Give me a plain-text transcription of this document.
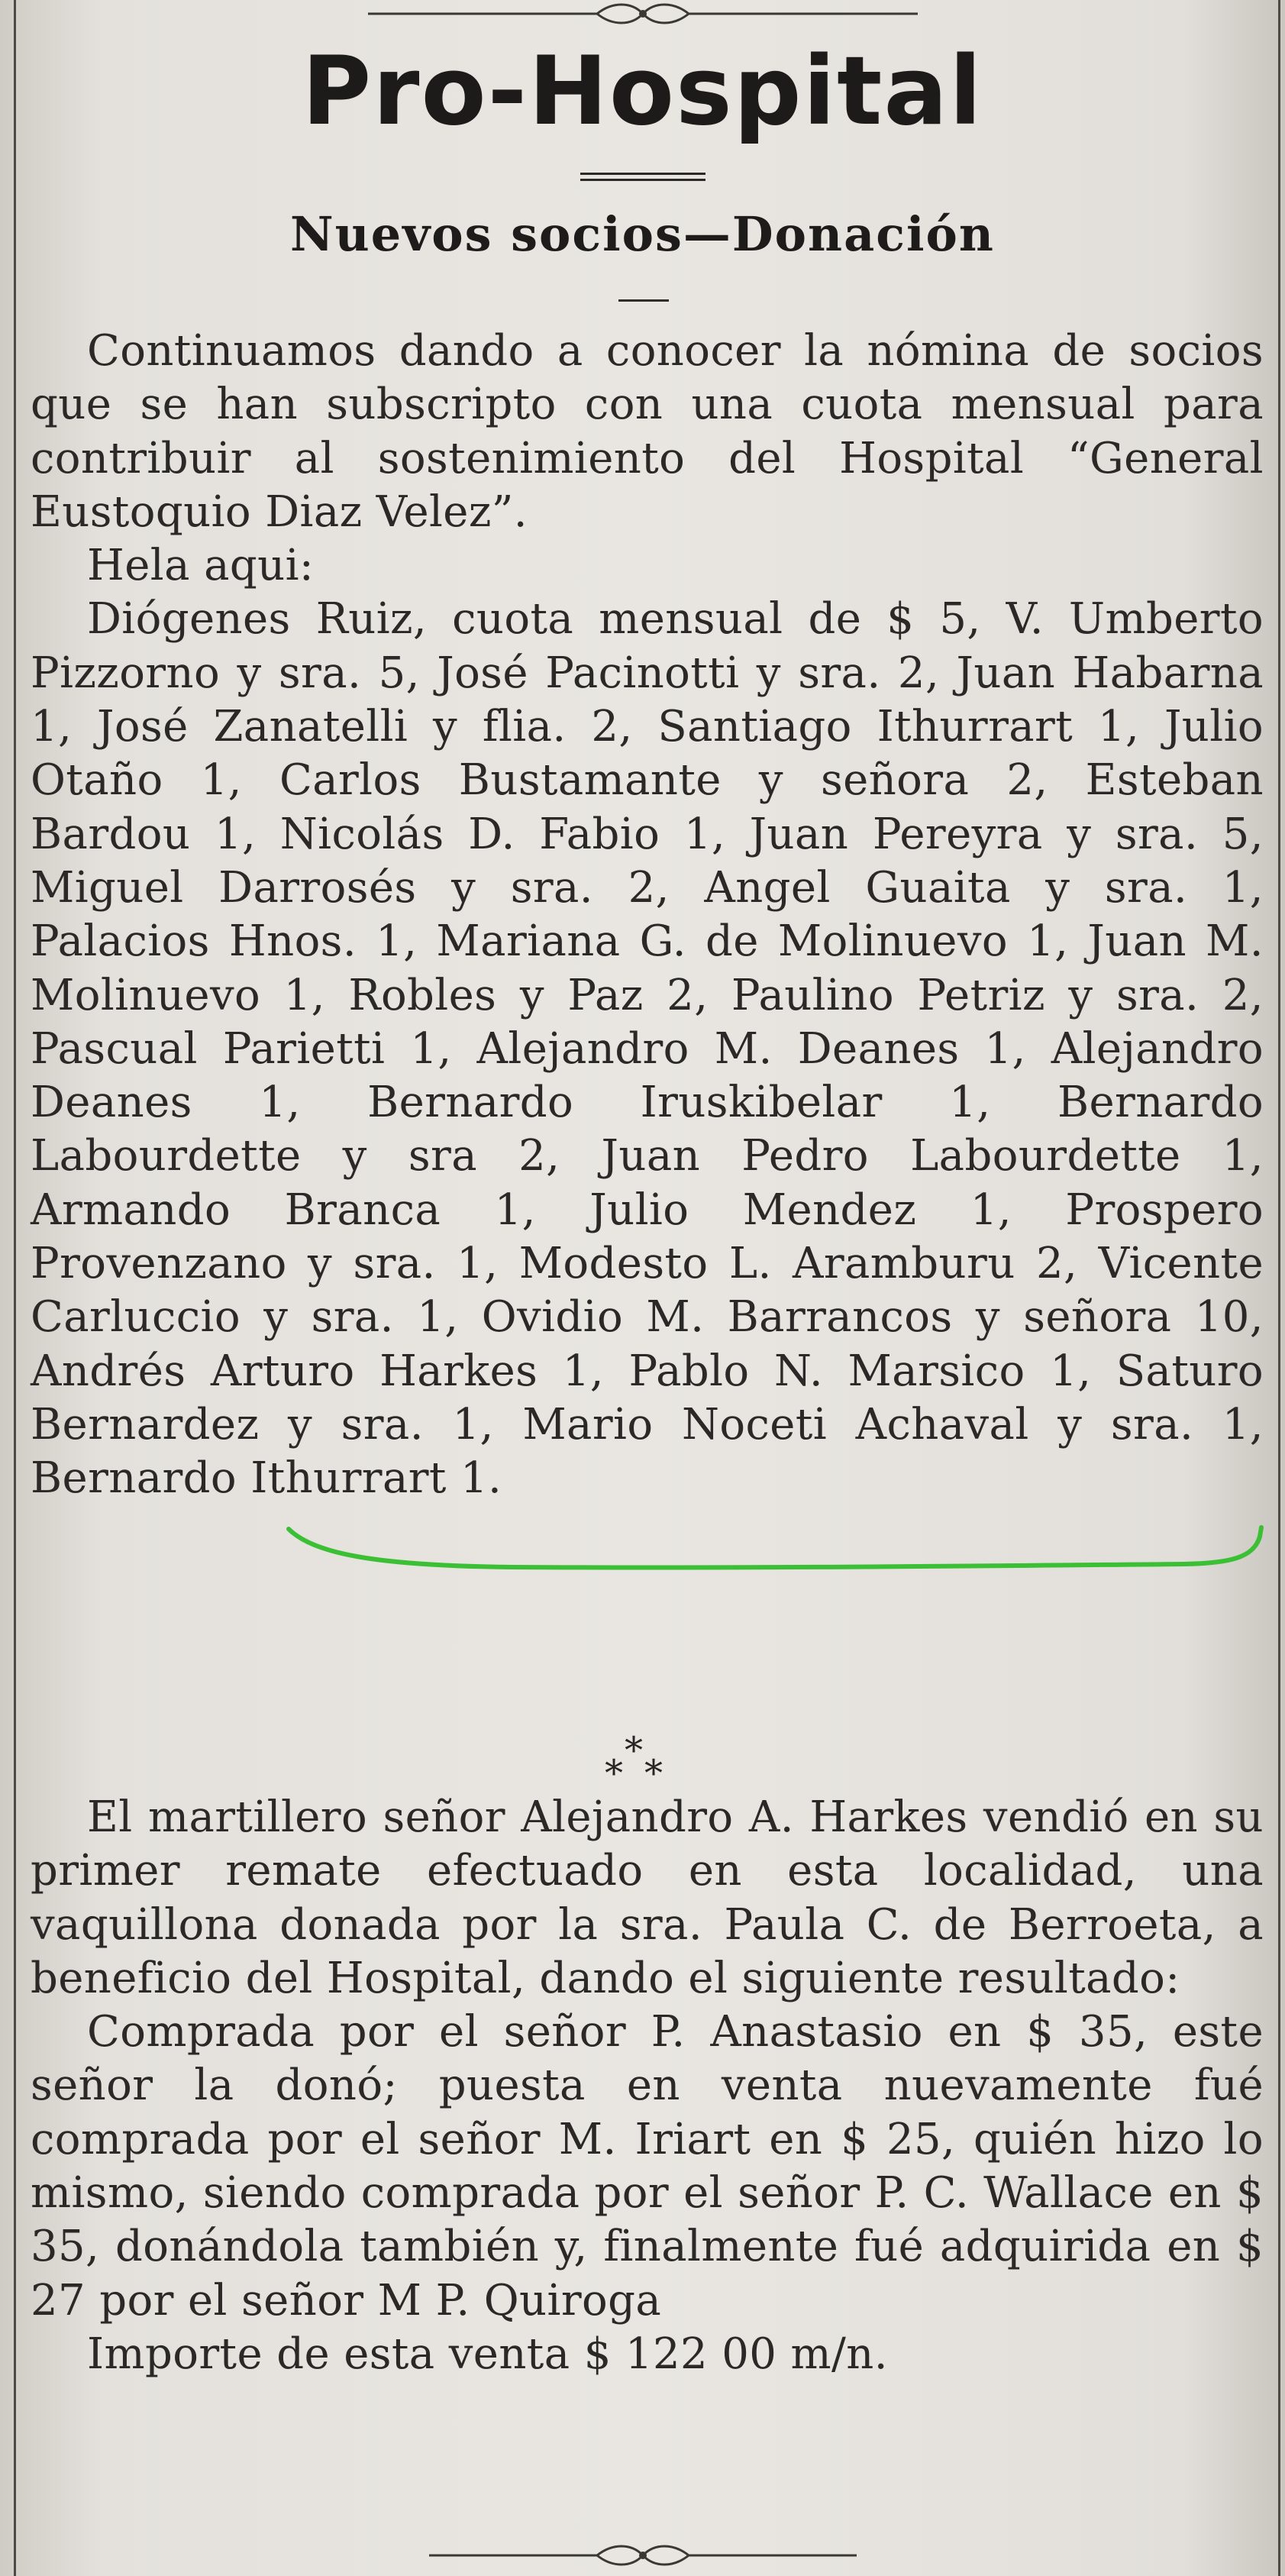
Pro-Hospital
Nuevos socios—Donación

Continuamos dando a conocer la nómina de socios que se han subscripto con una cuota mensual para contribuir al sostenimiento del Hospital “General Eustoquio Diaz Velez”.

Hela aqui:

Diógenes Ruiz, cuota mensual de $ 5, V. Umberto Pizzorno y sra. 5, José Pacinotti y sra. 2, Juan Habarna 1, José Zanatelli y flia. 2, Santiago Ithurrart 1, Julio Otaño 1, Carlos Bustamante y señora 2, Esteban Bardou 1, Nicolás D. Fabio 1, Juan Pereyra y sra. 5, Miguel Darrosés y sra. 2, Angel Guaita y sra. 1, Palacios Hnos. 1, Mariana G. de Molinuevo 1, Juan M. Molinuevo 1, Robles y Paz 2, Paulino Petriz y sra. 2, Pascual Parietti 1, Alejandro M. Deanes 1, Alejandro Deanes 1, Bernardo Iruskibelar 1, Bernardo Labourdette y sra 2, Juan Pedro Labourdette 1, Armando Branca 1, Julio Mendez 1, Prospero Provenzano y sra. 1, Modesto L. Aramburu 2, Vicente Carluccio y sra. 1, Ovidio M. Barrancos y señora 10, Andrés Arturo Harkes 1, Pablo N. Marsico 1, Saturo Bernardez y sra. 1, Mario Noceti Achaval y sra. 1, Bernardo Ithurrart 1.

*
* *

El martillero señor Alejandro A. Harkes vendió en su primer remate efectuado en esta localidad, una vaquillona donada por la sra. Paula C. de Berroeta, a beneficio del Hospital, dando el siguiente resultado:

Comprada por el señor P. Anastasio en $ 35, este señor la donó; puesta en venta nuevamente fué comprada por el señor M. Iriart en $ 25, quién hizo lo mismo, siendo comprada por el señor P. C. Wallace en $ 35, donándola también y, finalmente fué adquirida en $ 27 por el señor M P. Quiroga

Importe de esta venta $ 122 00 m/n.
